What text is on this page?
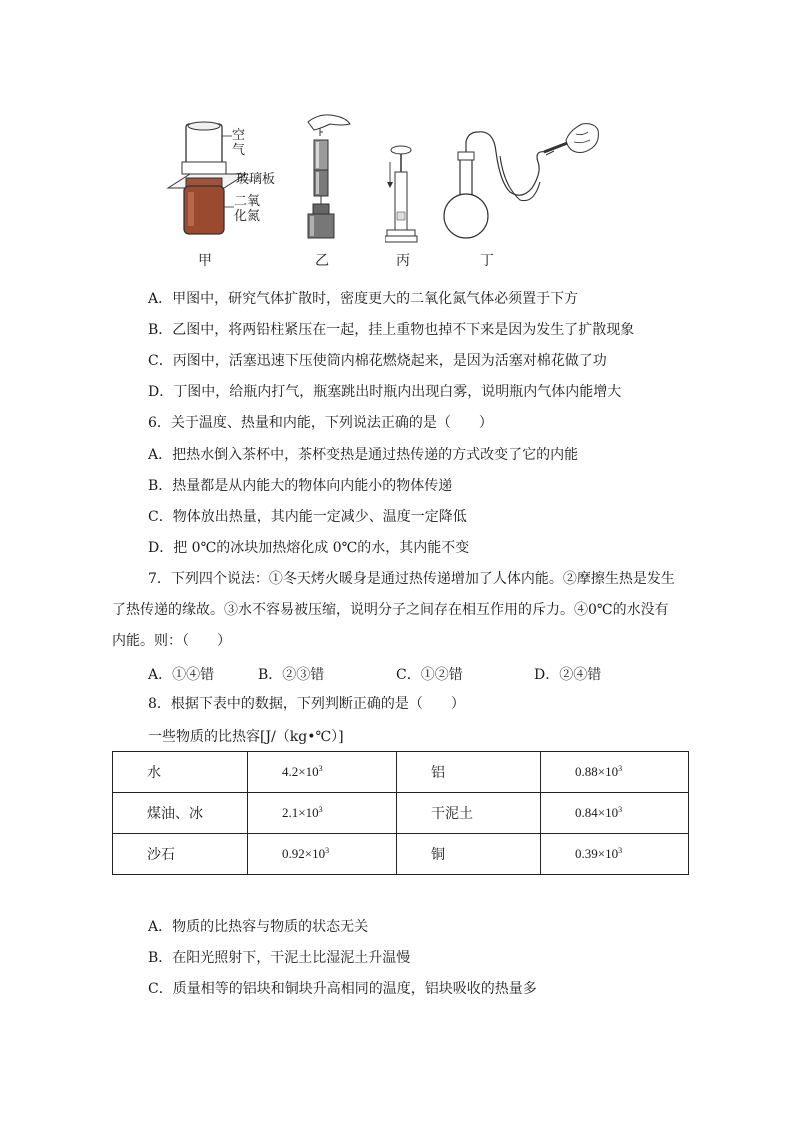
空气
玻璃板
二氧化氮
甲	乙	丙	丁
A．甲图中，研究气体扩散时，密度更大的二氧化氮气体必须置于下方
B．乙图中，将两铅柱紧压在一起，挂上重物也掉不下来是因为发生了扩散现象
C．丙图中，活塞迅速下压使筒内棉花燃烧起来，是因为活塞对棉花做了功
D．丁图中，给瓶内打气，瓶塞跳出时瓶内出现白雾，说明瓶内气体内能增大
6．关于温度、热量和内能，下列说法正确的是（　　）
A．把热水倒入茶杯中，茶杯变热是通过热传递的方式改变了它的内能
B．热量都是从内能大的物体向内能小的物体传递
C．物体放出热量，其内能一定减少、温度一定降低
D．把 0℃的冰块加热熔化成 0℃的水，其内能不变
7．下列四个说法：①冬天烤火暖身是通过热传递增加了人体内能。②摩擦生热是发生了热传递的缘故。③水不容易被压缩，说明分子之间存在相互作用的斥力。④0℃的水没有内能。则：（　　）
A．①④错	B．②③错	C．①②错	D．②④错
8．根据下表中的数据，下列判断正确的是（　　）
一些物质的比热容[J/（kg•℃）]
水	$4.2\times 10^3$	铝	$0.88\times 10^3$
煤油、冰	$2.1\times 10^3$	干泥土	$0.84\times 10^3$
沙石	$0.92\times 10^3$	铜	$0.39\times 10^3$
A．物质的比热容与物质的状态无关
B．在阳光照射下，干泥土比湿泥土升温慢
C．质量相等的铝块和铜块升高相同的温度，铝块吸收的热量多
